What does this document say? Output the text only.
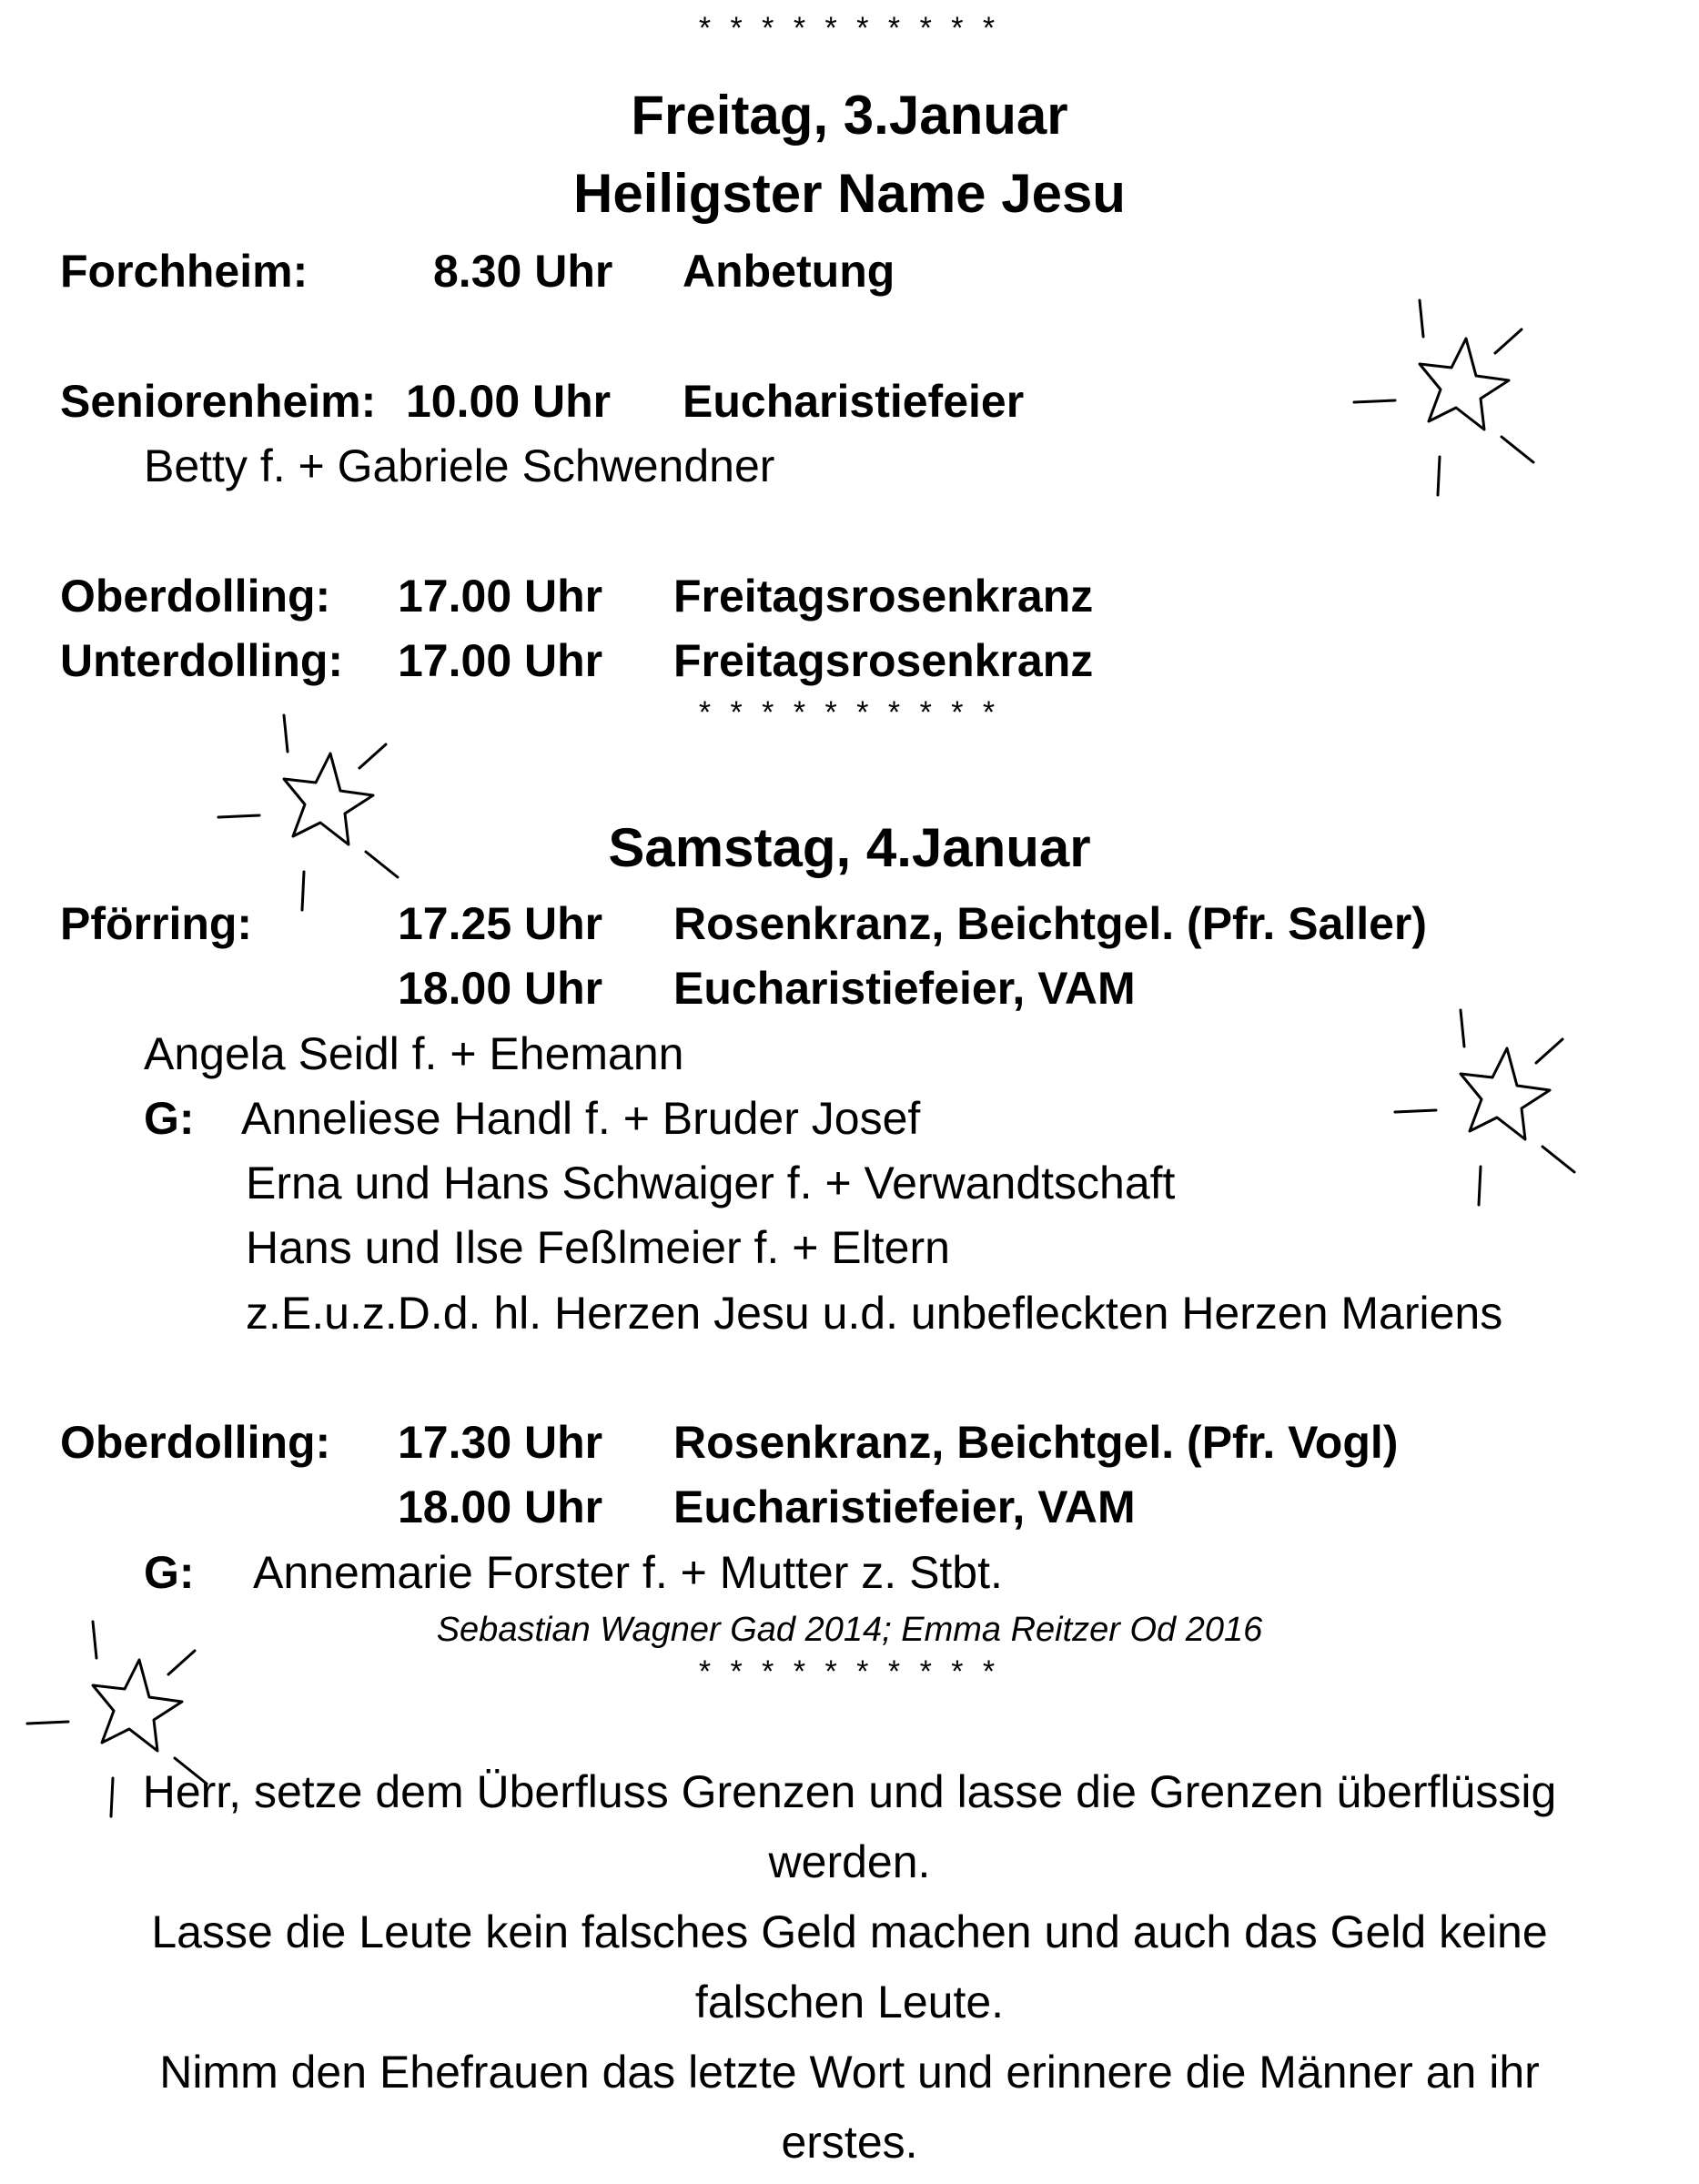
* * * * * * * * * *
* * * * * * * * * *
* * * * * * * * * *
Freitag, 3.Januar
Heiligster Name Jesu
Forchheim:	8.30 Uhr Anbetung
Seniorenheim: 10.00 Uhr Eucharistiefeier
Betty f. + Gabriele Schwendner
Oberdolling: 17.00 Uhr Freitagsrosenkranz
Unterdolling: 17.00 Uhr Freitagsrosenkranz
Samstag, 4.Januar
Pförring:	17.25 Uhr Rosenkranz, Beichtgel. (Pfr. Saller)
18.00 Uhr Eucharistiefeier, VAM
Angela Seidl f. + Ehemann
G: Anneliese Handl f. + Bruder Josef
Erna und Hans Schwaiger f. + Verwandtschaft
Hans und Ilse Feßlmeier f. + Eltern
z.E.u.z.D.d. hl. Herzen Jesu u.d. unbefleckten Herzen Mariens
Oberdolling: 17.30 Uhr Rosenkranz, Beichtgel. (Pfr. Vogl)
18.00 Uhr Eucharistiefeier, VAM
G: Annemarie Forster f. + Mutter z. Stbt.
Sebastian Wagner Gad 2014; Emma Reitzer Od 2016
Herr, setze dem Überfluss Grenzen und lasse die Grenzen überflüssig
werden.
Lasse die Leute kein falsches Geld machen und auch das Geld keine
falschen Leute.
Nimm den Ehefrauen das letzte Wort und erinnere die Männer an ihr
erstes.
